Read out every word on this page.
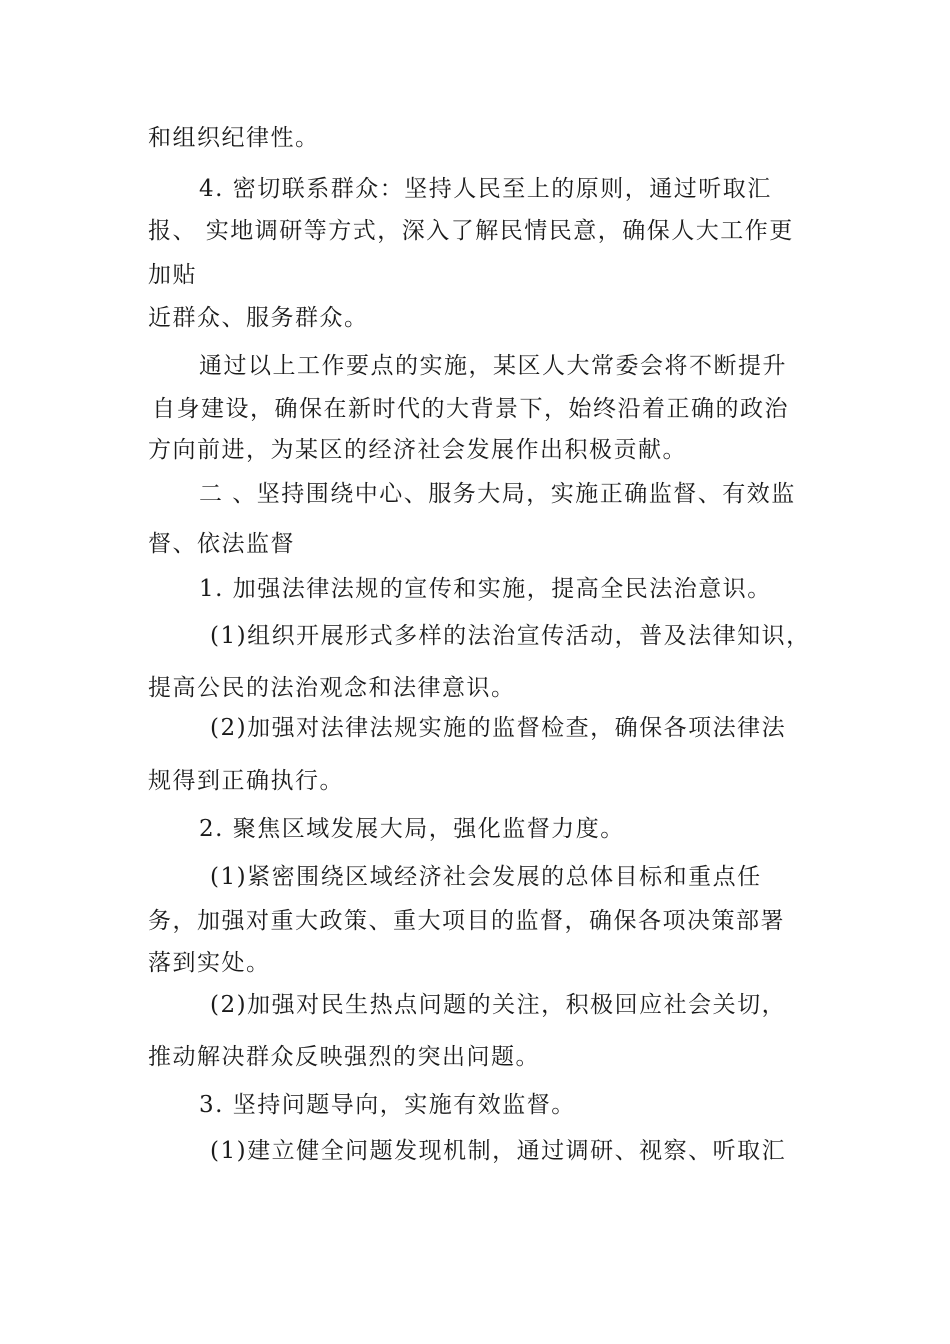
和组织纪律性。
4. 密切联系群众：坚持人民至上的原则，通过听取汇
报、 实地调研等方式，深入了解民情民意，确保人大工作更
加贴
近群众、服务群众。
通过以上工作要点的实施，某区人大常委会将不断提升
自身建设，确保在新时代的大背景下，始终沿着正确的政治
方向前进，为某区的经济社会发展作出积极贡献。
二 、坚持围绕中心、服务大局，实施正确监督、有效监
督、依法监督
1. 加强法律法规的宣传和实施，提高全民法治意识。
(1)组织开展形式多样的法治宣传活动，普及法律知识，
提高公民的法治观念和法律意识。
(2)加强对法律法规实施的监督检查，确保各项法律法
规得到正确执行。
2. 聚焦区域发展大局，强化监督力度。
(1)紧密围绕区域经济社会发展的总体目标和重点任
务，加强对重大政策、重大项目的监督，确保各项决策部署
落到实处。
(2)加强对民生热点问题的关注，积极回应社会关切，
推动解决群众反映强烈的突出问题。
3. 坚持问题导向，实施有效监督。
(1)建立健全问题发现机制，通过调研、视察、听取汇
